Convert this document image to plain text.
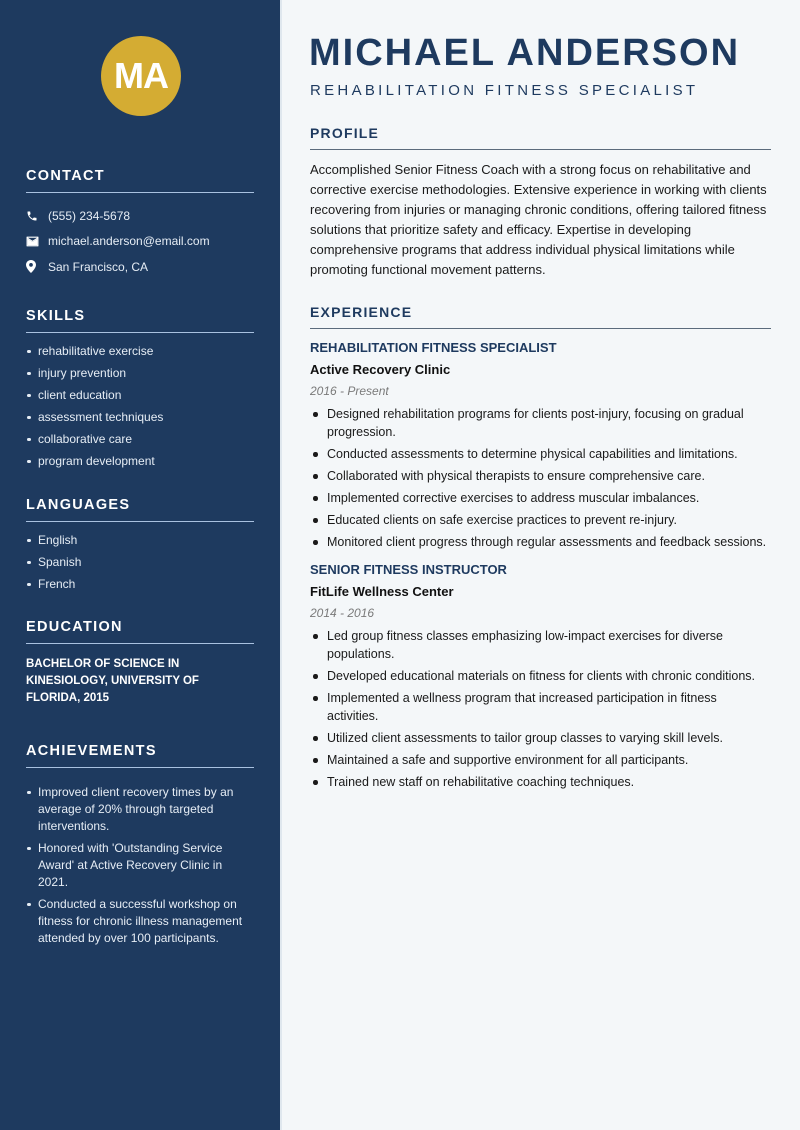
MA
CONTACT
(555) 234-5678
michael.anderson@email.com
San Francisco, CA
SKILLS
rehabilitative exercise
injury prevention
client education
assessment techniques
collaborative care
program development
LANGUAGES
English
Spanish
French
EDUCATION

BACHELOR OF SCIENCE IN KINESIOLOGY, UNIVERSITY OF FLORIDA, 2015

ACHIEVEMENTS
Improved client recovery times by an average of 20% through targeted interventions.
Honored with 'Outstanding Service Award' at Active Recovery Clinic in 2021.
Conducted a successful workshop on fitness for chronic illness management attended by over 100 participants.
MICHAEL ANDERSON
REHABILITATION FITNESS SPECIALIST
PROFILE

Accomplished Senior Fitness Coach with a strong focus on rehabilitative and corrective exercise methodologies. Extensive experience in working with clients recovering from injuries or managing chronic conditions, offering tailored fitness solutions that prioritize safety and efficacy. Expertise in developing comprehensive programs that address individual physical limitations while promoting functional movement patterns.

EXPERIENCE
REHABILITATION FITNESS SPECIALIST
Active Recovery Clinic
2016 - Present
Designed rehabilitation programs for clients post-injury, focusing on gradual progression.
Conducted assessments to determine physical capabilities and limitations.
Collaborated with physical therapists to ensure comprehensive care.
Implemented corrective exercises to address muscular imbalances.
Educated clients on safe exercise practices to prevent re-injury.
Monitored client progress through regular assessments and feedback sessions.
SENIOR FITNESS INSTRUCTOR
FitLife Wellness Center
2014 - 2016
Led group fitness classes emphasizing low-impact exercises for diverse populations.
Developed educational materials on fitness for clients with chronic conditions.
Implemented a wellness program that increased participation in fitness activities.
Utilized client assessments to tailor group classes to varying skill levels.
Maintained a safe and supportive environment for all participants.
Trained new staff on rehabilitative coaching techniques.
